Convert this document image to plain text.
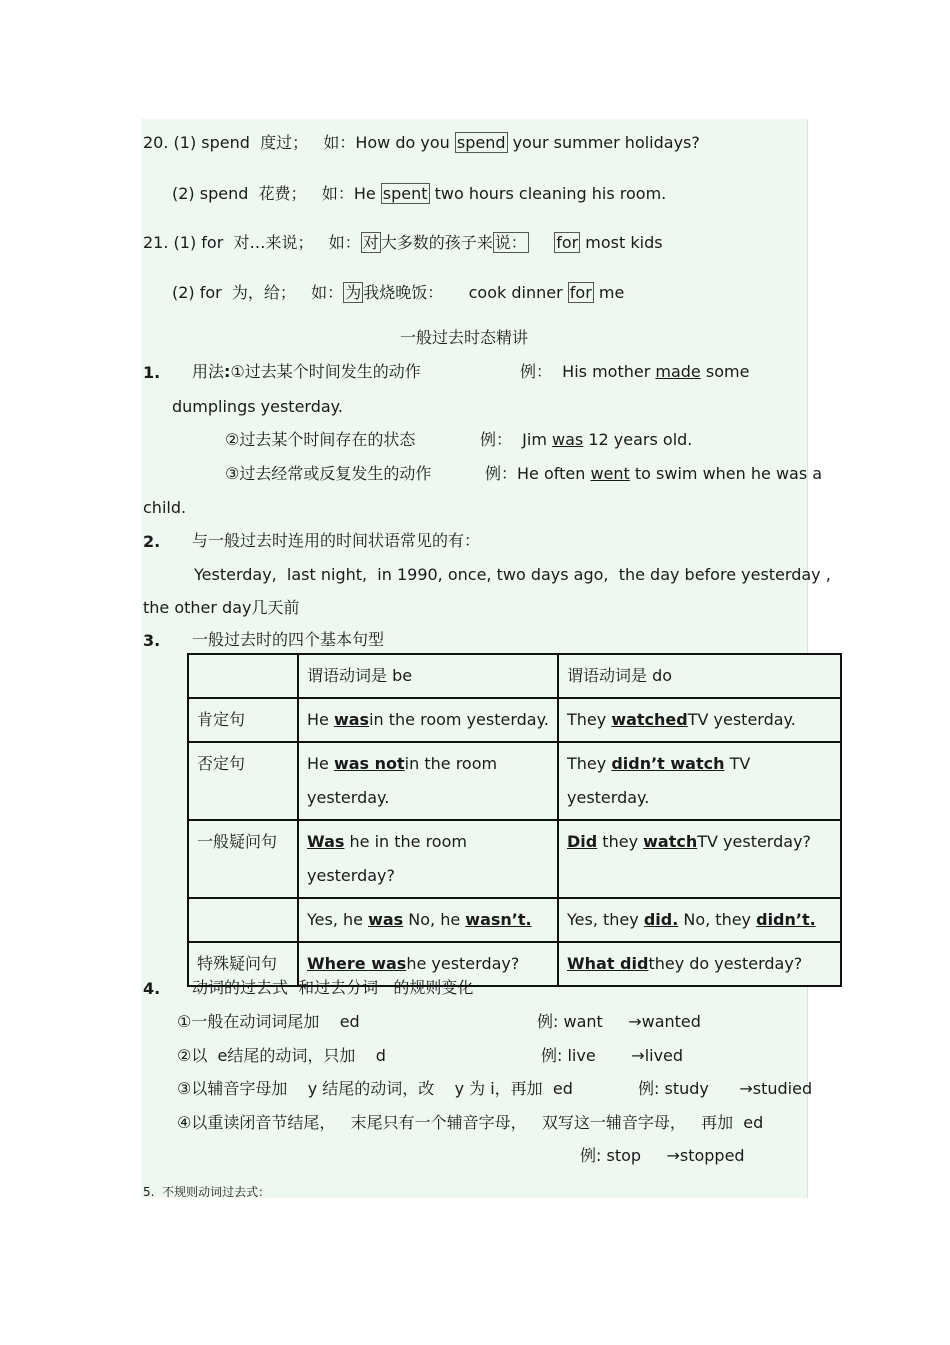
20. (1) spend  度过；   如：How do you spend your summer holidays?
(2) spend  花费；   如：He spent two hours cleaning his room.
21. (1) for  对…来说；   如： 对 大多数的孩子来 说： for most kids
(2) for  为，给；   如： 为 我烧晚饭：     cook dinner for me
一般过去时态精讲
1. 用法:①过去某个时间发生的动作	例：  His mother made some
dumplings yesterday.
②过去某个时间存在的状态	例：  Jim was 12 years old.
③过去经常或反复发生的动作	例：He often went to swim when he was a
child.
2. 与一般过去时连用的时间状语常见的有：
Yesterday,  last night,  in 1990, once, two days ago,  the day before yesterday ,
the other day几天前
3. 一般过去时的四个基本句型
	谓语动词是 be	谓语动词是 do
肯定句	He wasin the room yesterday.	They watchedTV yesterday.
否定句	He was notin the room yesterday.	They didn’t watch TV yesterday.
一般疑问句	Was he in the room yesterday?	Did they watchTV yesterday?
	Yes, he was No, he wasn’t.	Yes, they did. No, they didn’t.
特殊疑问句	Where washe yesterday?	What didthey do yesterday?
4. 动词的过去式  和过去分词   的规则变化
①一般在动词词尾加    ed	例: want     →wanted
②以  e结尾的动词，只加    d	例: live       →lived
③以辅音字母加    y 结尾的动词，改    y 为 i，再加  ed	例: study      →studied
④以重读闭音节结尾，   末尾只有一个辅音字母，   双写这一辅音字母，   再加  ed
例: stop     →stopped
5.  不规则动词过去式：
